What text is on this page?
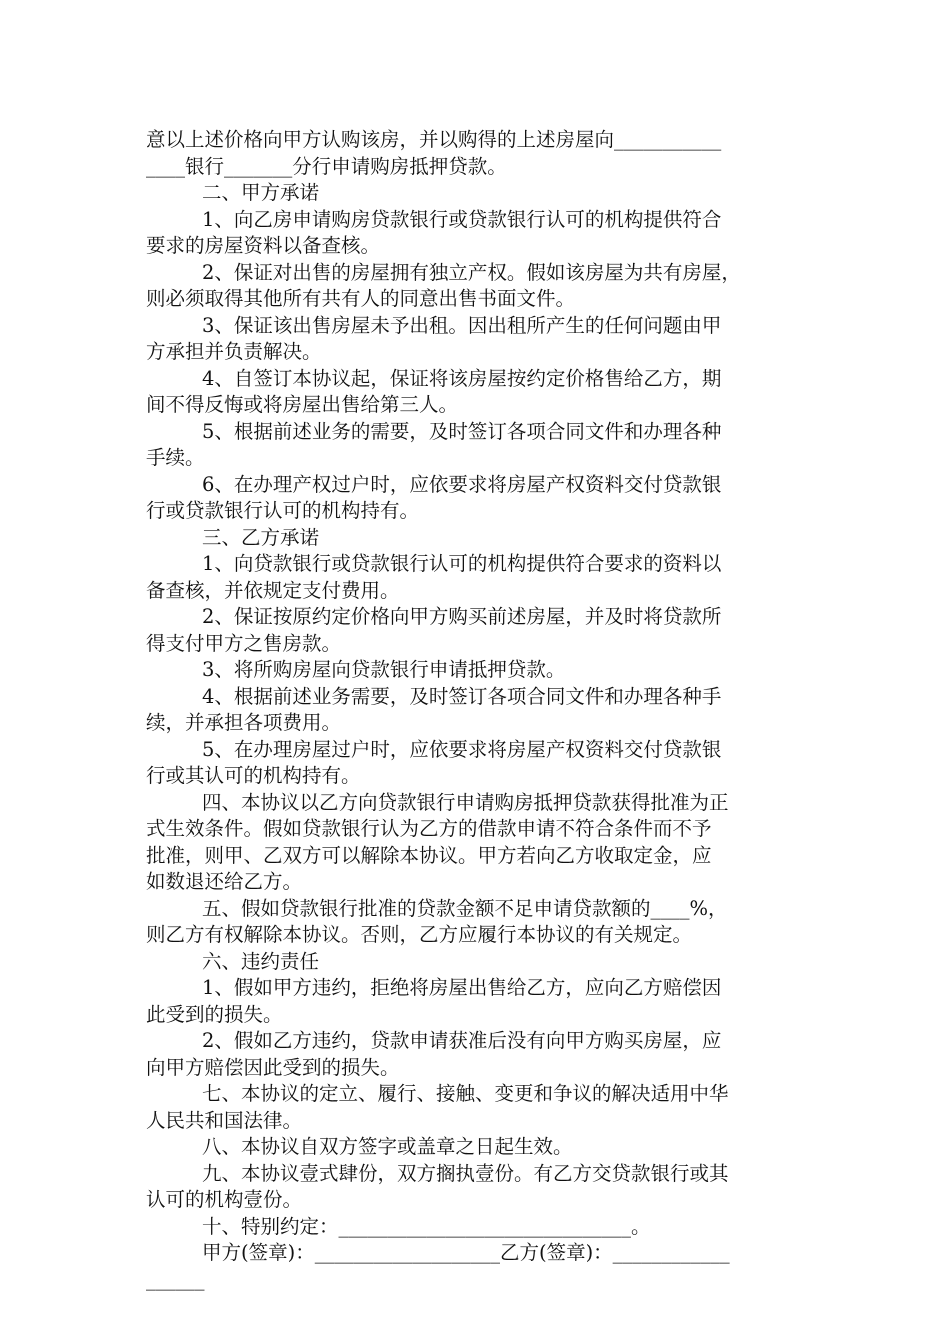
意以上述价格向甲方认购该房，并以购得的上述房屋向___________
____银行_______分行申请购房抵押贷款。
二、甲方承诺
1、向乙房申请购房贷款银行或贷款银行认可的机构提供符合
要求的房屋资料以备查核。
2、保证对出售的房屋拥有独立产权。假如该房屋为共有房屋，
则必须取得其他所有共有人的同意出售书面文件。
3、保证该出售房屋未予出租。因出租所产生的任何问题由甲
方承担并负责解决。
4、自签订本协议起，保证将该房屋按约定价格售给乙方，期
间不得反悔或将房屋出售给第三人。
5、根据前述业务的需要，及时签订各项合同文件和办理各种
手续。
6、在办理产权过户时，应依要求将房屋产权资料交付贷款银
行或贷款银行认可的机构持有。
三、乙方承诺
1、向贷款银行或贷款银行认可的机构提供符合要求的资料以
备查核，并依规定支付费用。
2、保证按原约定价格向甲方购买前述房屋，并及时将贷款所
得支付甲方之售房款。
3、将所购房屋向贷款银行申请抵押贷款。
4、根据前述业务需要，及时签订各项合同文件和办理各种手
续，并承担各项费用。
5、在办理房屋过户时，应依要求将房屋产权资料交付贷款银
行或其认可的机构持有。
四、本协议以乙方向贷款银行申请购房抵押贷款获得批准为正
式生效条件。假如贷款银行认为乙方的借款申请不符合条件而不予
批准，则甲、乙双方可以解除本协议。甲方若向乙方收取定金，应
如数退还给乙方。
五、假如贷款银行批准的贷款金额不足申请贷款额的____%，
则乙方有权解除本协议。否则，乙方应履行本协议的有关规定。
六、违约责任
1、假如甲方违约，拒绝将房屋出售给乙方，应向乙方赔偿因
此受到的损失。
2、假如乙方违约，贷款申请获准后没有向甲方购买房屋，应
向甲方赔偿因此受到的损失。
七、本协议的定立、履行、接触、变更和争议的解决适用中华
人民共和国法律。
八、本协议自双方签字或盖章之日起生效。
九、本协议壹式肆份，双方搁执壹份。有乙方交贷款银行或其
认可的机构壹份。
十、特别约定：______________________________。
甲方(签章)：___________________乙方(签章)：____________
______
